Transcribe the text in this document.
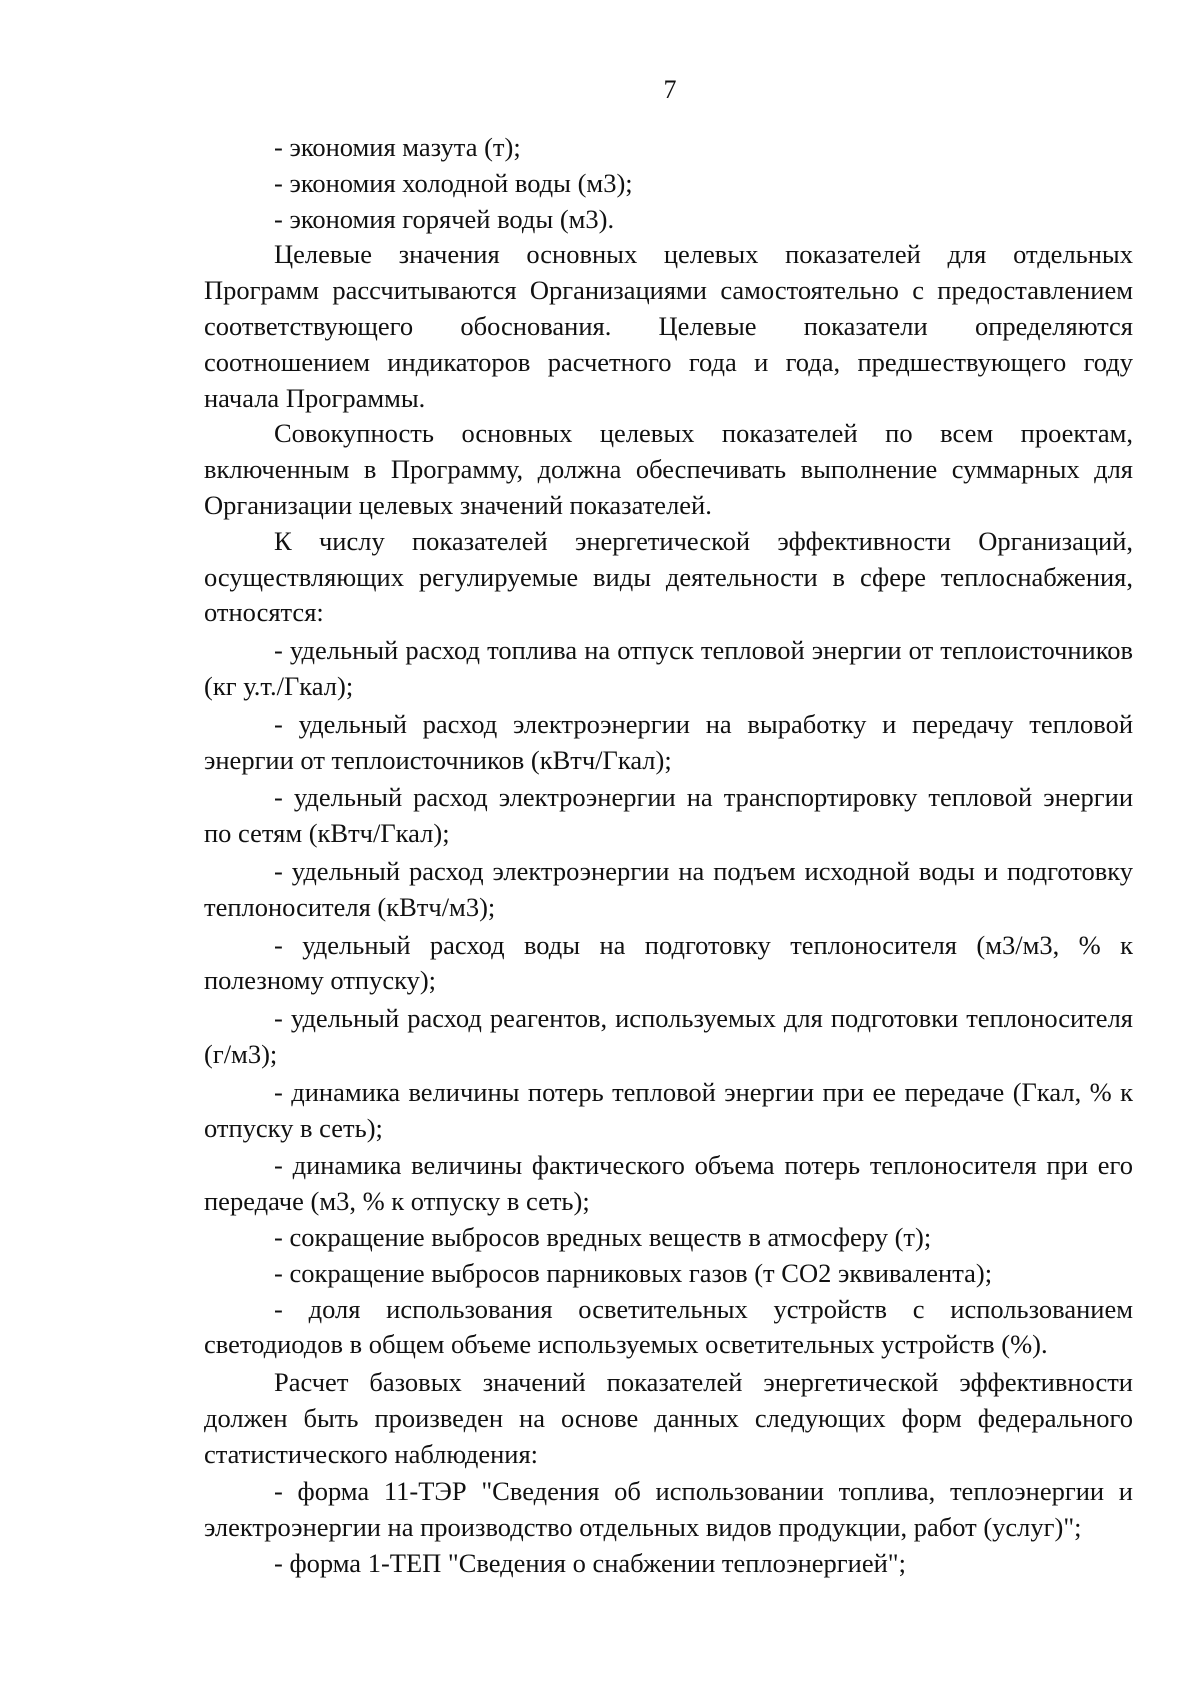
7

- экономия мазута (т);

- экономия холодной воды (м3);

- экономия горячей воды (м3).

Целевые значения основных целевых показателей для отдельных Программ рассчитываются Организациями самостоятельно с предоставлением соответствующего обоснования. Целевые показатели определяются соотношением индикаторов расчетного года и года, предшествующего году начала Программы.

Совокупность основных целевых показателей по всем проектам, включенным в Программу, должна обеспечивать выполнение суммарных для Организации целевых значений показателей.

К числу показателей энергетической эффективности Организаций, осуществляющих регулируемые виды деятельности в сфере теплоснабжения, относятся:

- удельный расход топлива на отпуск тепловой энергии от теплоисточников (кг у.т./Гкал);

- удельный расход электроэнергии на выработку и передачу тепловой энергии от теплоисточников (кВтч/Гкал);

- удельный расход электроэнергии на транспортировку тепловой энергии по сетям (кВтч/Гкал);

- удельный расход электроэнергии на подъем исходной воды и подготовку теплоносителя (кВтч/м3);

- удельный расход воды на подготовку теплоносителя (м3/м3, % к полезному отпуску);

- удельный расход реагентов, используемых для подготовки теплоносителя (г/м3);

- динамика величины потерь тепловой энергии при ее передаче (Гкал, % к отпуску в сеть);

- динамика величины фактического объема потерь теплоносителя при его передаче (м3, % к отпуску в сеть);

- сокращение выбросов вредных веществ в атмосферу (т);

- сокращение выбросов парниковых газов (т СО2 эквивалента);

- доля использования осветительных устройств с использованием светодиодов в общем объеме используемых осветительных устройств (%).

Расчет базовых значений показателей энергетической эффективности должен быть произведен на основе данных следующих форм федерального статистического наблюдения:

- форма 11-ТЭР "Сведения об использовании топлива, теплоэнергии и электроэнергии на производство отдельных видов продукции, работ (услуг)";

- форма 1-ТЕП "Сведения о снабжении теплоэнергией";
